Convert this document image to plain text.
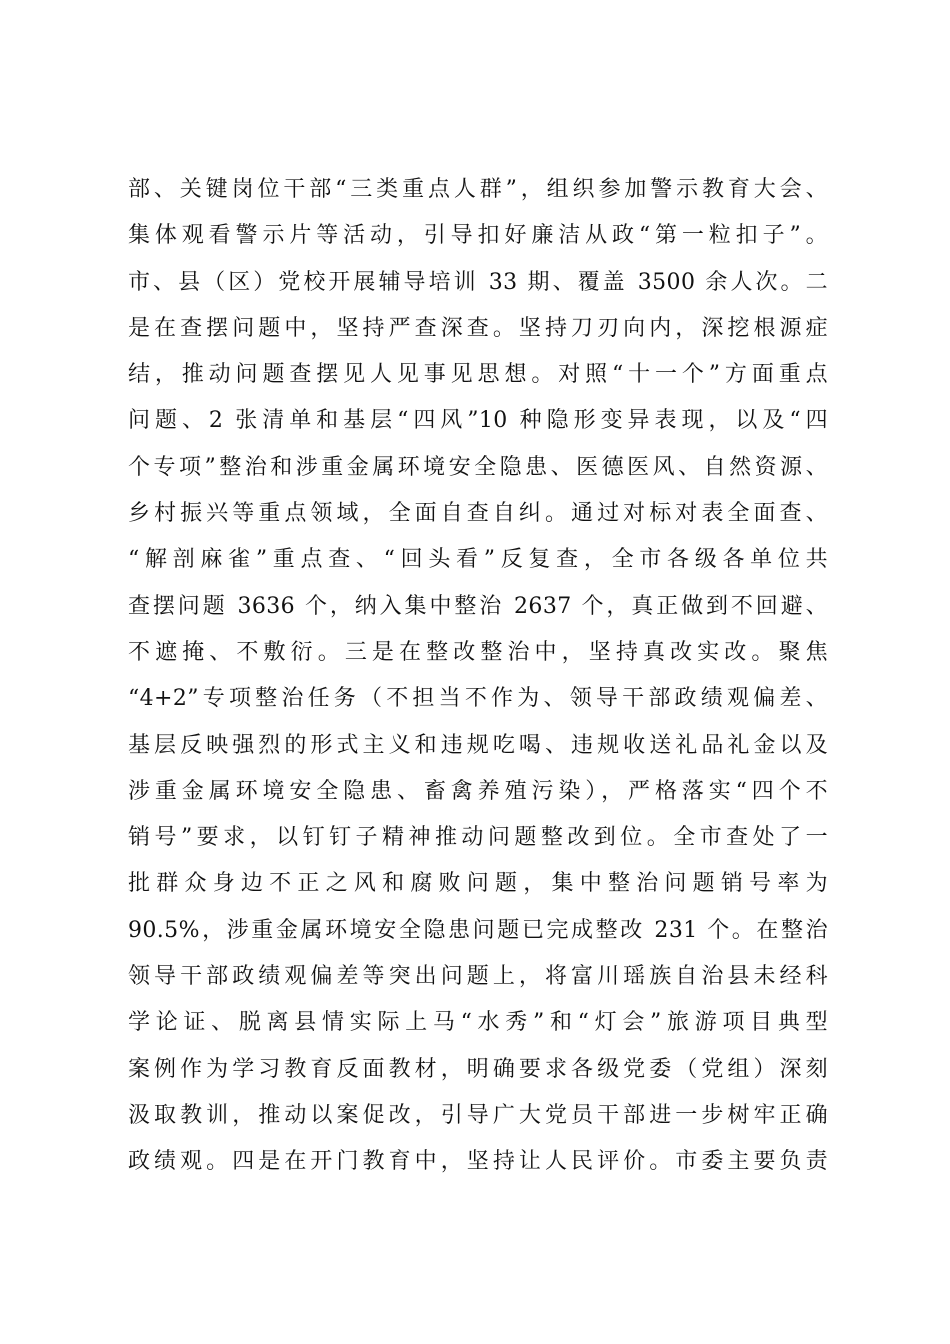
部、关键岗位干部“三类重点人群”，组织参加警示教育大会、
集体观看警示片等活动，引导扣好廉洁从政“第一粒扣子”。
市、县（区）党校开展辅导培训 33 期、覆盖 3500 余人次。二
是在查摆问题中，坚持严查深查。坚持刀刃向内，深挖根源症
结，推动问题查摆见人见事见思想。对照“十一个”方面重点
问题、2 张清单和基层“四风”10 种隐形变异表现，以及“四
个专项”整治和涉重金属环境安全隐患、医德医风、自然资源、
乡村振兴等重点领域，全面自查自纠。通过对标对表全面查、
“解剖麻雀”重点查、“回头看”反复查，全市各级各单位共
查摆问题 3636 个，纳入集中整治 2637 个，真正做到不回避、
不遮掩、不敷衍。三是在整改整治中，坚持真改实改。聚焦
“4+2”专项整治任务（不担当不作为、领导干部政绩观偏差、
基层反映强烈的形式主义和违规吃喝、违规收送礼品礼金以及
涉重金属环境安全隐患、畜禽养殖污染），严格落实“四个不
销号”要求，以钉钉子精神推动问题整改到位。全市查处了一
批群众身边不正之风和腐败问题，集中整治问题销号率为
90.5%，涉重金属环境安全隐患问题已完成整改 231 个。在整治
领导干部政绩观偏差等突出问题上，将富川瑶族自治县未经科
学论证、脱离县情实际上马“水秀”和“灯会”旅游项目典型
案例作为学习教育反面教材，明确要求各级党委（党组）深刻
汲取教训，推动以案促改，引导广大党员干部进一步树牢正确
政绩观。四是在开门教育中，坚持让人民评价。市委主要负责
